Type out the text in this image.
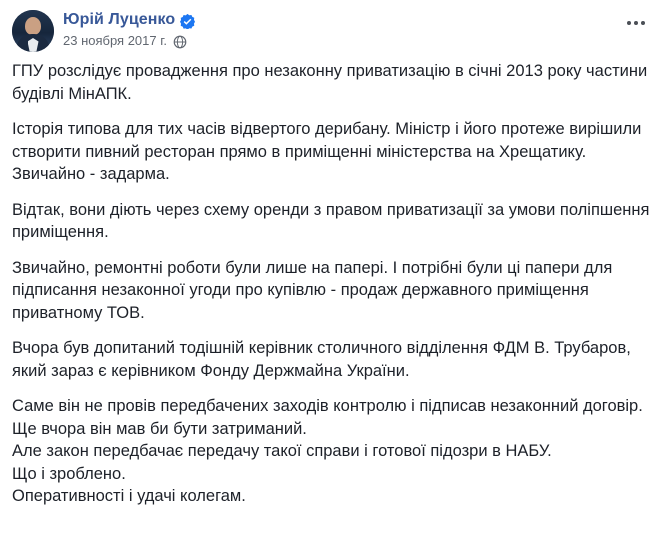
Юрій Луценко
23 ноября 2017 г.

ГПУ розслідує провадження про незаконну приватизацію в січні 2013 року частини будівлі МінАПК.

Історія типова для тих часів відвертого дерибану. Міністр і його протеже вирішили створити пивний ресторан прямо в приміщенні міністерства на Хрещатику. Звичайно - задарма.

Відтак, вони діють через схему оренди з правом приватизації за умови поліпшення приміщення.

Звичайно, ремонтні роботи були лише на папері. І потрібні були ці папери для підписання незаконної угоди про купівлю - продаж державного приміщення приватному ТОВ.

Вчора був допитаний тодішній керівник столичного відділення ФДМ В. Трубаров, який зараз є керівником Фонду Держмайна України.

Саме він не провів передбачених заходів контролю і підписав незаконний договір.

Ще вчора він мав би бути затриманий.

Але закон передбачає передачу такої справи і готової підозри в НАБУ.

Що і зроблено.

Оперативності і удачі колегам.
